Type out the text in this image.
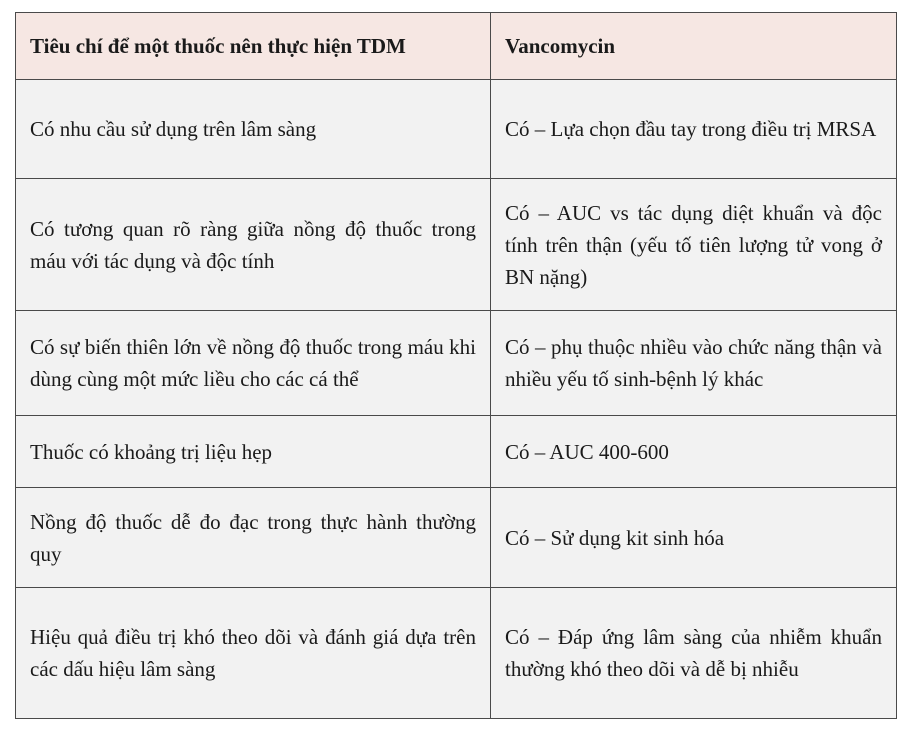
Tiêu chí để một thuốc nên thực hiện TDM	Vancomycin
Có nhu cầu sử dụng trên lâm sàng	Có – Lựa chọn đầu tay trong điều trị MRSA
Có tương quan rõ ràng giữa nồng độ thuốc trong máu với tác dụng và độc tính	Có – AUC vs tác dụng diệt khuẩn và độc tính trên thận (yếu tố tiên lượng tử vong ở BN nặng)
Có sự biến thiên lớn về nồng độ thuốc trong máu khi dùng cùng một mức liều cho các cá thể	Có – phụ thuộc nhiều vào chức năng thận và nhiều yếu tố sinh-bệnh lý khác
Thuốc có khoảng trị liệu hẹp	Có – AUC 400-600
Nồng độ thuốc dễ đo đạc trong thực hành thường quy	Có – Sử dụng kit sinh hóa
Hiệu quả điều trị khó theo dõi và đánh giá dựa trên các dấu hiệu lâm sàng	Có – Đáp ứng lâm sàng của nhiễm khuẩn thường khó theo dõi và dễ bị nhiễu
